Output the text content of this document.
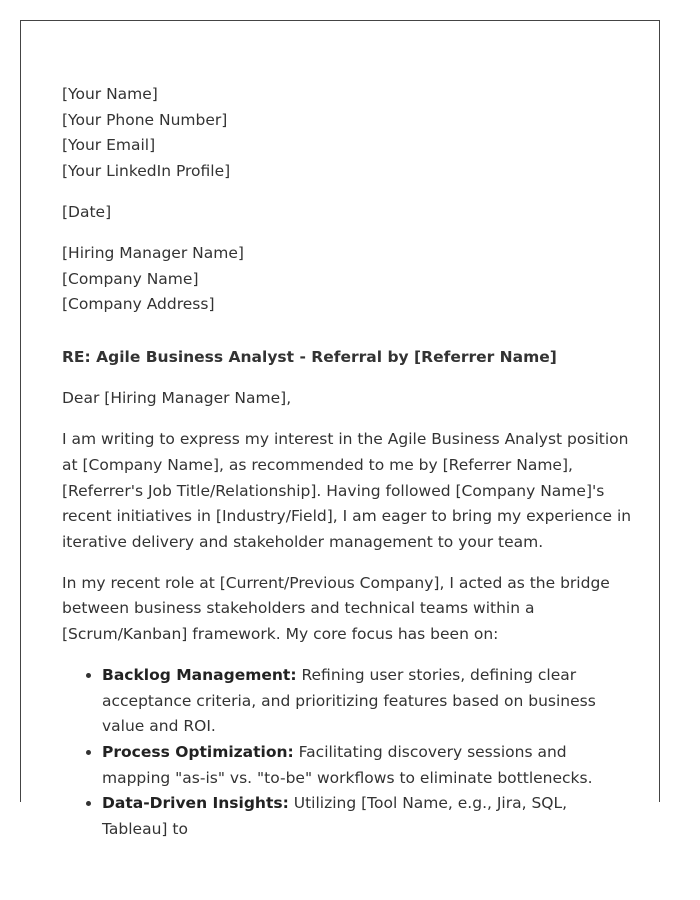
[Your Name]
[Your Phone Number]
[Your Email]
[Your LinkedIn Profile]
[Date]
[Hiring Manager Name]
[Company Name]
[Company Address]
RE: Agile Business Analyst - Referral by [Referrer Name]

Dear [Hiring Manager Name],

I am writing to express my interest in the Agile Business Analyst position at [Company Name], as recommended to me by [Referrer Name], [Referrer's Job Title/Relationship]. Having followed [Company Name]'s recent initiatives in [Industry/Field], I am eager to bring my experience in iterative delivery and stakeholder management to your team.

In my recent role at [Current/Previous Company], I acted as the bridge between business stakeholders and technical teams within a [Scrum/Kanban] framework. My core focus has been on:

• Backlog Management: Refining user stories, defining clear acceptance criteria, and prioritizing features based on business value and ROI.
• Process Optimization: Facilitating discovery sessions and mapping "as-is" vs. "to-be" workflows to eliminate bottlenecks.
• Data-Driven Insights: Utilizing [Tool Name, e.g., Jira, SQL, Tableau] to
